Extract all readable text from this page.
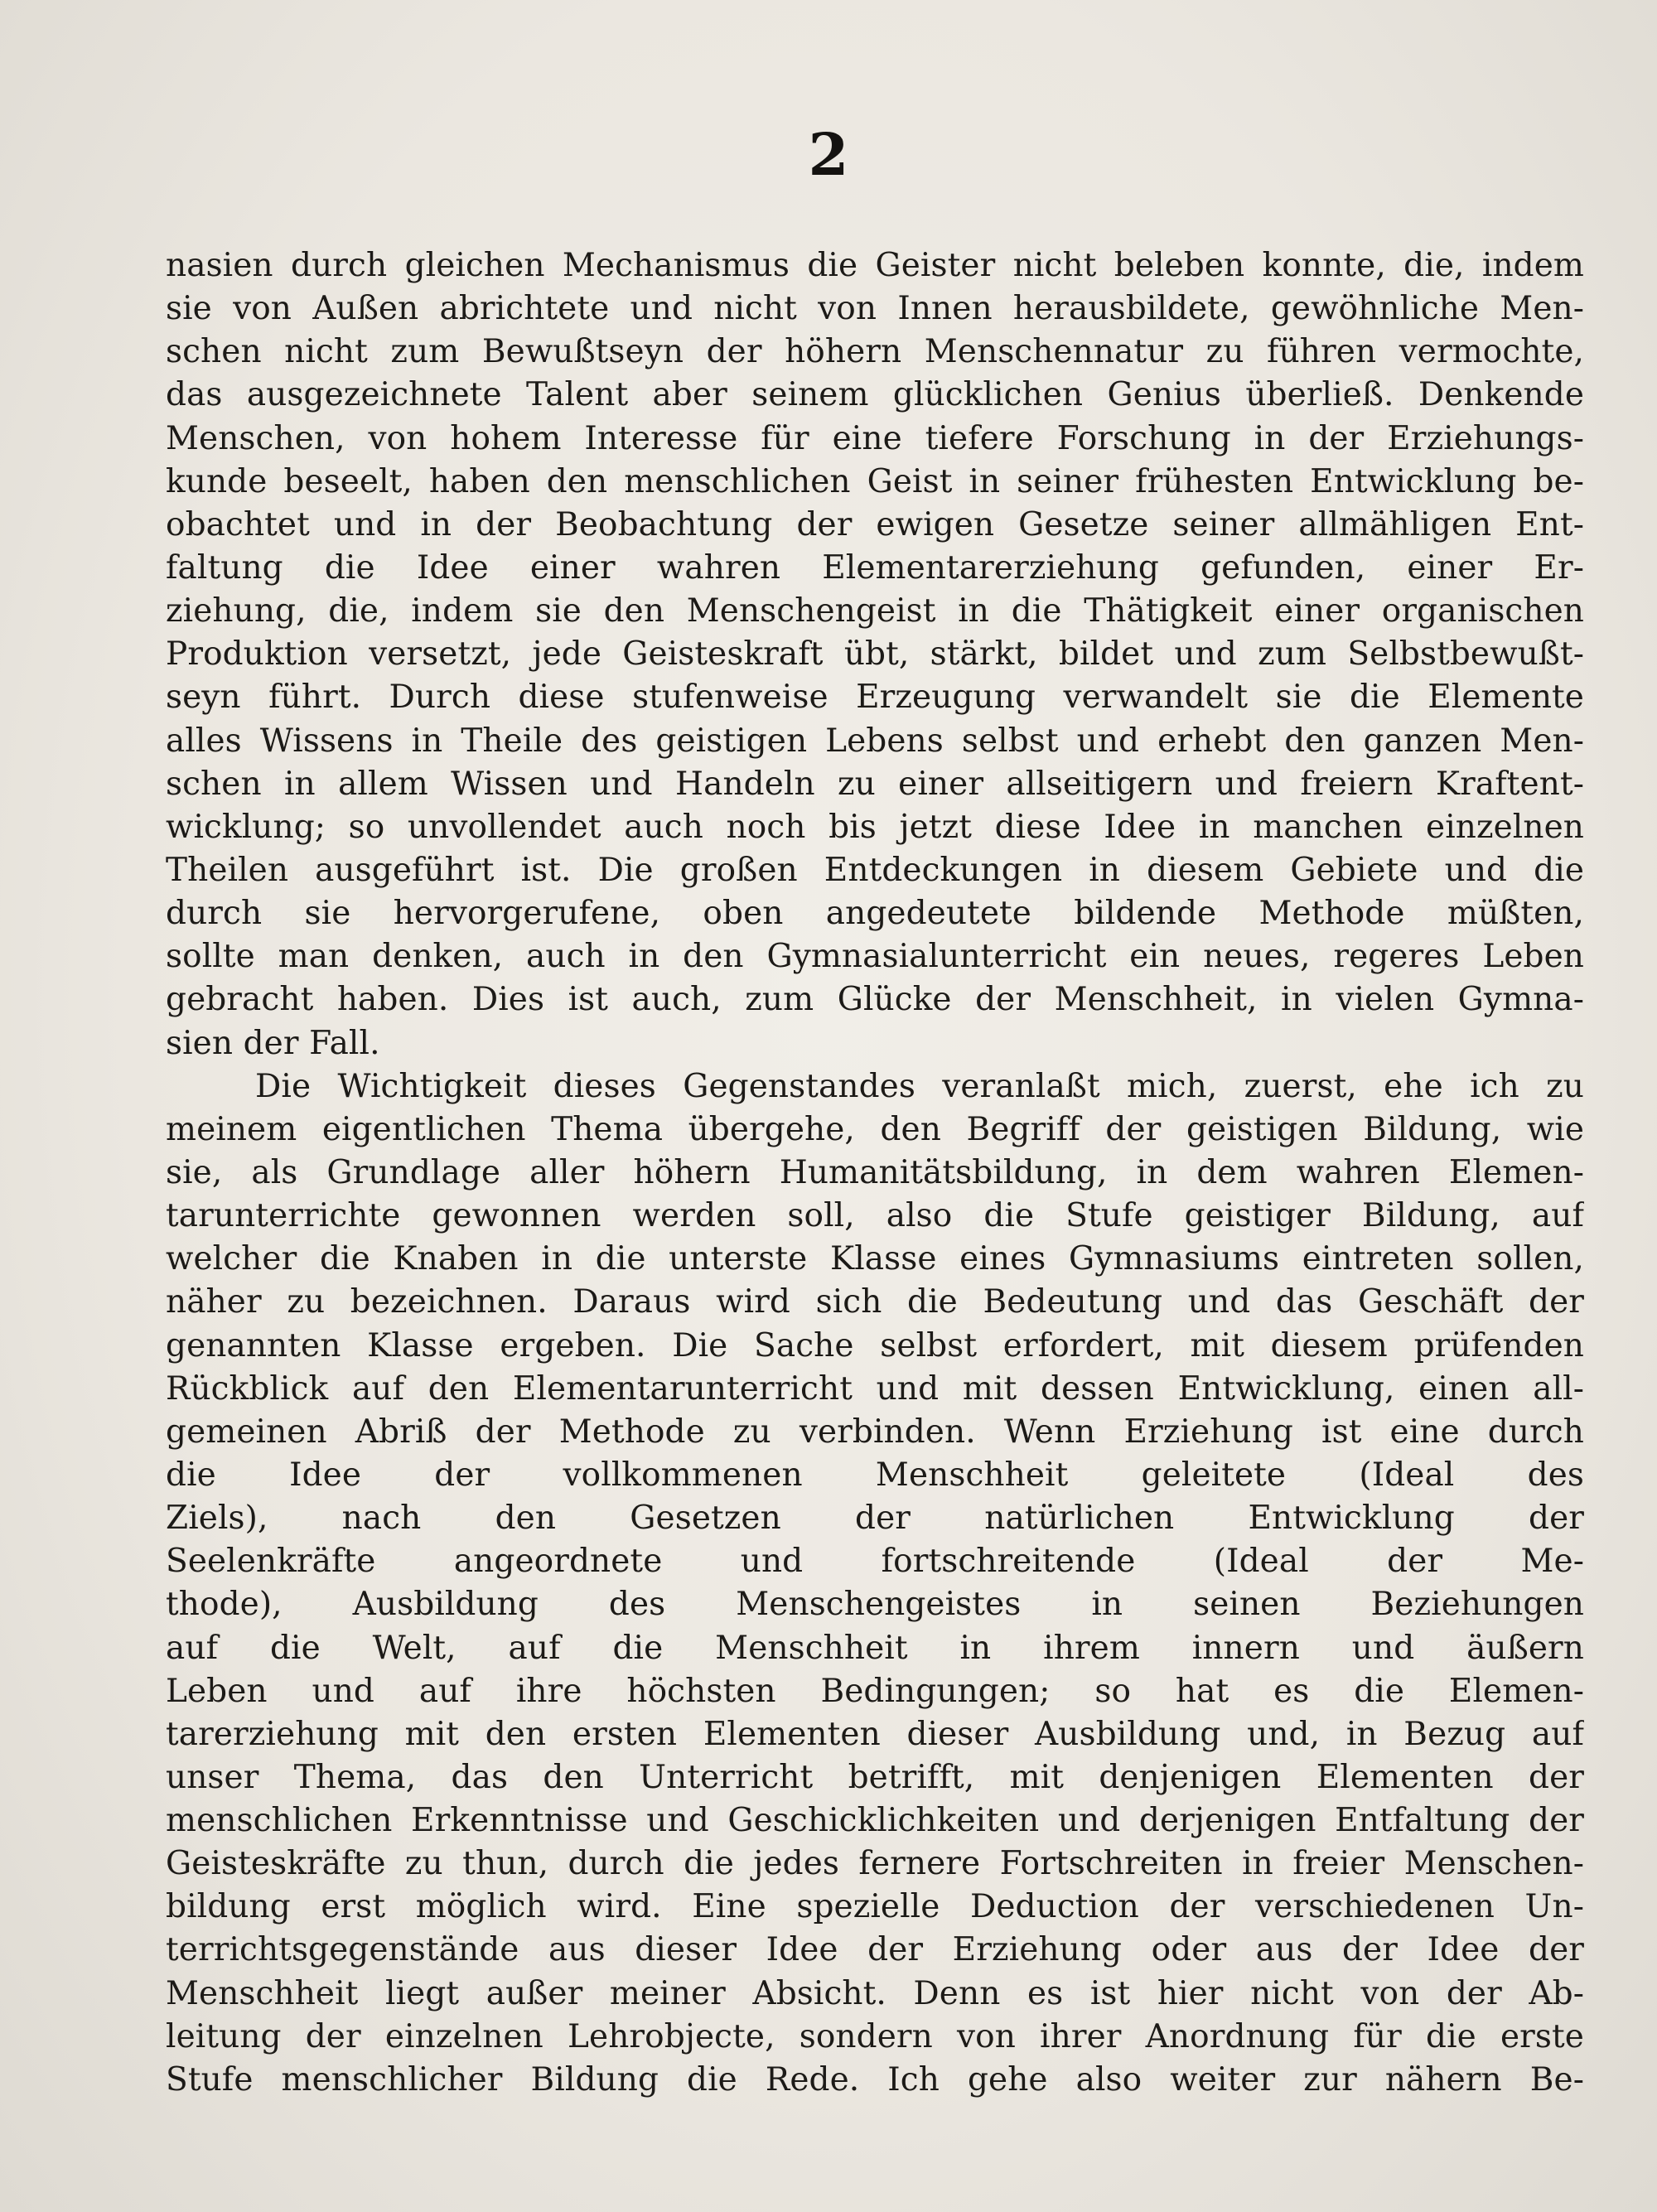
2
nasien durch gleichen Mechanismus die Geister nicht beleben konnte, die, indem
sie von Außen abrichtete und nicht von Innen herausbildete, gewöhnliche Men-
schen nicht zum Bewußtseyn der höhern Menschennatur zu führen vermochte,
das ausgezeichnete Talent aber seinem glücklichen Genius überließ. Denkende
Menschen, von hohem Interesse für eine tiefere Forschung in der Erziehungs-
kunde beseelt, haben den menschlichen Geist in seiner frühesten Entwicklung be-
obachtet und in der Beobachtung der ewigen Gesetze seiner allmähligen Ent-
faltung die Idee einer wahren Elementarerziehung gefunden, einer Er-
ziehung, die, indem sie den Menschengeist in die Thätigkeit einer organischen
Produktion versetzt, jede Geisteskraft übt, stärkt, bildet und zum Selbstbewußt-
seyn führt. Durch diese stufenweise Erzeugung verwandelt sie die Elemente
alles Wissens in Theile des geistigen Lebens selbst und erhebt den ganzen Men-
schen in allem Wissen und Handeln zu einer allseitigern und freiern Kraftent-
wicklung; so unvollendet auch noch bis jetzt diese Idee in manchen einzelnen
Theilen ausgeführt ist. Die großen Entdeckungen in diesem Gebiete und die
durch sie hervorgerufene, oben angedeutete bildende Methode müßten,
sollte man denken, auch in den Gymnasialunterricht ein neues, regeres Leben
gebracht haben. Dies ist auch, zum Glücke der Menschheit, in vielen Gymna-
sien der Fall.
Die Wichtigkeit dieses Gegenstandes veranlaßt mich, zuerst, ehe ich zu
meinem eigentlichen Thema übergehe, den Begriff der geistigen Bildung, wie
sie, als Grundlage aller höhern Humanitätsbildung, in dem wahren Elemen-
tarunterrichte gewonnen werden soll, also die Stufe geistiger Bildung, auf
welcher die Knaben in die unterste Klasse eines Gymnasiums eintreten sollen,
näher zu bezeichnen. Daraus wird sich die Bedeutung und das Geschäft der
genannten Klasse ergeben. Die Sache selbst erfordert, mit diesem prüfenden
Rückblick auf den Elementarunterricht und mit dessen Entwicklung, einen all-
gemeinen Abriß der Methode zu verbinden. Wenn Erziehung ist eine durch
die Idee der vollkommenen Menschheit geleitete (Ideal des
Ziels), nach den Gesetzen der natürlichen Entwicklung der
Seelenkräfte angeordnete und fortschreitende (Ideal der Me-
thode), Ausbildung des Menschengeistes in seinen Beziehungen
auf die Welt, auf die Menschheit in ihrem innern und äußern
Leben und auf ihre höchsten Bedingungen; so hat es die Elemen-
tarerziehung mit den ersten Elementen dieser Ausbildung und, in Bezug auf
unser Thema, das den Unterricht betrifft, mit denjenigen Elementen der
menschlichen Erkenntnisse und Geschicklichkeiten und derjenigen Entfaltung der
Geisteskräfte zu thun, durch die jedes fernere Fortschreiten in freier Menschen-
bildung erst möglich wird. Eine spezielle Deduction der verschiedenen Un-
terrichtsgegenstände aus dieser Idee der Erziehung oder aus der Idee der
Menschheit liegt außer meiner Absicht. Denn es ist hier nicht von der Ab-
leitung der einzelnen Lehrobjecte, sondern von ihrer Anordnung für die erste
Stufe menschlicher Bildung die Rede. Ich gehe also weiter zur nähern Be-
